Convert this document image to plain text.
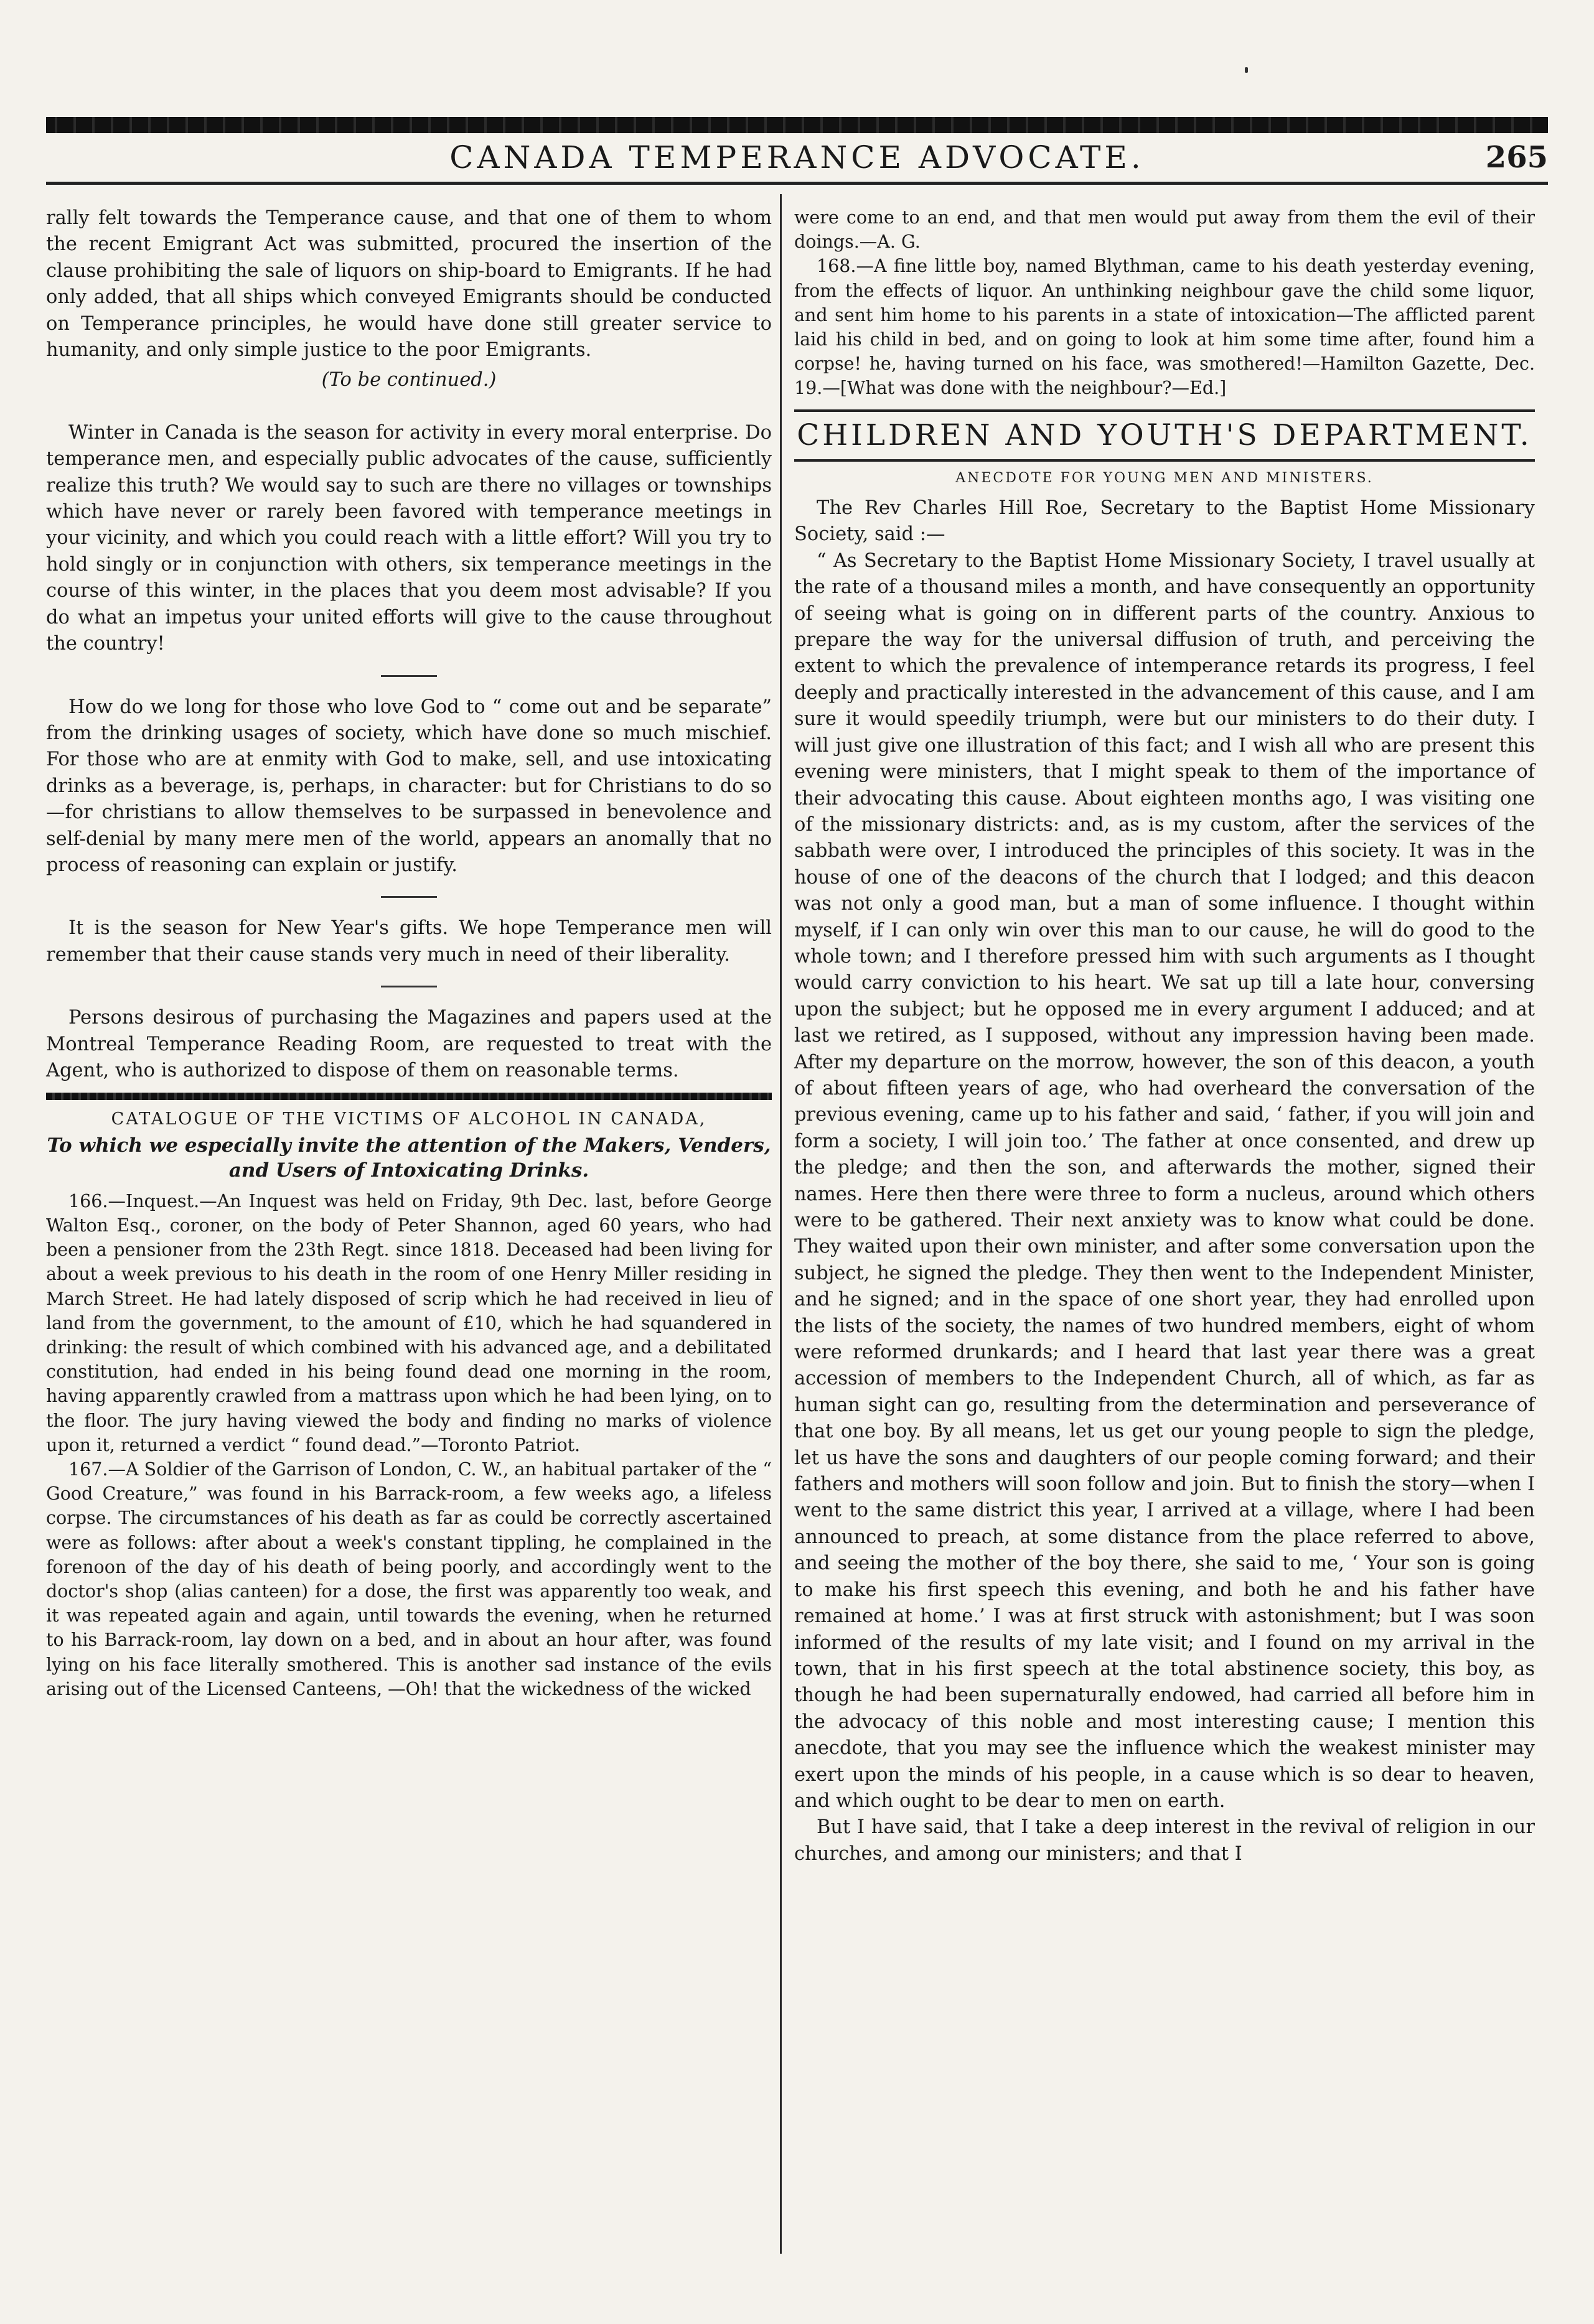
CANADA TEMPERANCE ADVOCATE.	265

rally felt towards the Temperance cause, and that one of them to whom the recent Emigrant Act was submitted, procured the insertion of the clause prohibiting the sale of liquors on ship-board to Emigrants. If he had only added, that all ships which conveyed Emigrants should be conducted on Temperance principles, he would have done still greater service to humanity, and only simple justice to the poor Emigrants.

(To be continued.)

Winter in Canada is the season for activity in every moral enterprise. Do temperance men, and especially public advocates of the cause, sufficiently realize this truth? We would say to such are there no villages or townships which have never or rarely been favored with temperance meetings in your vicinity, and which you could reach with a little effort? Will you try to hold singly or in conjunction with others, six temperance meetings in the course of this winter, in the places that you deem most advisable? If you do what an impetus your united efforts will give to the cause throughout the country!

How do we long for those who love God to “ come out and be separate” from the drinking usages of society, which have done so much mischief. For those who are at enmity with God to make, sell, and use intoxicating drinks as a beverage, is, perhaps, in character: but for Christians to do so—for christians to allow themselves to be surpassed in benevolence and self-denial by many mere men of the world, appears an anomally that no process of reasoning can explain or justify.

It is the season for New Year's gifts. We hope Temperance men will remember that their cause stands very much in need of their liberality.

Persons desirous of purchasing the Magazines and papers used at the Montreal Temperance Reading Room, are requested to treat with the Agent, who is authorized to dispose of them on reasonable terms.

CATALOGUE OF THE VICTIMS OF ALCOHOL IN CANADA,

To which we especially invite the attention of the Makers, Venders, and Users of Intoxicating Drinks.

166.—Inquest.—An Inquest was held on Friday, 9th Dec. last, before George Walton Esq., coroner, on the body of Peter Shannon, aged 60 years, who had been a pensioner from the 23th Regt. since 1818. Deceased had been living for about a week previous to his death in the room of one Henry Miller residing in March Street. He had lately disposed of scrip which he had received in lieu of land from the government, to the amount of £10, which he had squandered in drinking: the result of which combined with his advanced age, and a debilitated constitution, had ended in his being found dead one morning in the room, having apparently crawled from a mattrass upon which he had been lying, on to the floor. The jury having viewed the body and finding no marks of violence upon it, returned a verdict “ found dead.”—Toronto Patriot.

167.—A Soldier of the Garrison of London, C. W., an habitual partaker of the “ Good Creature,” was found in his Barrack-room, a few weeks ago, a lifeless corpse. The circumstances of his death as far as could be correctly ascertained were as follows: after about a week's constant tippling, he complained in the forenoon of the day of his death of being poorly, and accordingly went to the doctor's shop (alias canteen) for a dose, the first was apparently too weak, and it was repeated again and again, until towards the evening, when he returned to his Barrack-room, lay down on a bed, and in about an hour after, was found lying on his face literally smothered. This is another sad instance of the evils arising out of the Licensed Canteens, —Oh! that the wickedness of the wicked

were come to an end, and that men would put away from them the evil of their doings.—A. G.

168.—A fine little boy, named Blythman, came to his death yesterday evening, from the effects of liquor. An unthinking neighbour gave the child some liquor, and sent him home to his parents in a state of intoxication—The afflicted parent laid his child in bed, and on going to look at him some time after, found him a corpse! he, having turned on his face, was smothered!—Hamilton Gazette, Dec. 19.—[What was done with the neighbour?—Ed.]

CHILDREN AND YOUTH'S DEPARTMENT.

ANECDOTE FOR YOUNG MEN AND MINISTERS.

The Rev Charles Hill Roe, Secretary to the Baptist Home Missionary Society, said :—

“ As Secretary to the Baptist Home Missionary Society, I travel usually at the rate of a thousand miles a month, and have consequently an opportunity of seeing what is going on in different parts of the country. Anxious to prepare the way for the universal diffusion of truth, and perceiving the extent to which the prevalence of intemperance retards its progress, I feel deeply and practically interested in the advancement of this cause, and I am sure it would speedily triumph, were but our ministers to do their duty. I will just give one illustration of this fact; and I wish all who are present this evening were ministers, that I might speak to them of the importance of their advocating this cause. About eighteen months ago, I was visiting one of the missionary districts: and, as is my custom, after the services of the sabbath were over, I introduced the principles of this society. It was in the house of one of the deacons of the church that I lodged; and this deacon was not only a good man, but a man of some influence. I thought within myself, if I can only win over this man to our cause, he will do good to the whole town; and I therefore pressed him with such arguments as I thought would carry conviction to his heart. We sat up till a late hour, conversing upon the subject; but he opposed me in every argument I adduced; and at last we retired, as I supposed, without any impression having been made. After my departure on the morrow, however, the son of this deacon, a youth of about fifteen years of age, who had overheard the conversation of the previous evening, came up to his father and said, ‘ father, if you will join and form a society, I will join too.’ The father at once consented, and drew up the pledge; and then the son, and afterwards the mother, signed their names. Here then there were three to form a nucleus, around which others were to be gathered. Their next anxiety was to know what could be done. They waited upon their own minister, and after some conversation upon the subject, he signed the pledge. They then went to the Independent Minister, and he signed; and in the space of one short year, they had enrolled upon the lists of the society, the names of two hundred members, eight of whom were reformed drunkards; and I heard that last year there was a great accession of members to the Independent Church, all of which, as far as human sight can go, resulting from the determination and perseverance of that one boy. By all means, let us get our young people to sign the pledge, let us have the sons and daughters of our people coming forward; and their fathers and mothers will soon follow and join. But to finish the story—when I went to the same district this year, I arrived at a village, where I had been announced to preach, at some distance from the place referred to above, and seeing the mother of the boy there, she said to me, ‘ Your son is going to make his first speech this evening, and both he and his father have remained at home.’ I was at first struck with astonishment; but I was soon informed of the results of my late visit; and I found on my arrival in the town, that in his first speech at the total abstinence society, this boy, as though he had been supernaturally endowed, had carried all before him in the advocacy of this noble and most interesting cause; I mention this anecdote, that you may see the influence which the weakest minister may exert upon the minds of his people, in a cause which is so dear to heaven, and which ought to be dear to men on earth.

But I have said, that I take a deep interest in the revival of religion in our churches, and among our ministers; and that I
